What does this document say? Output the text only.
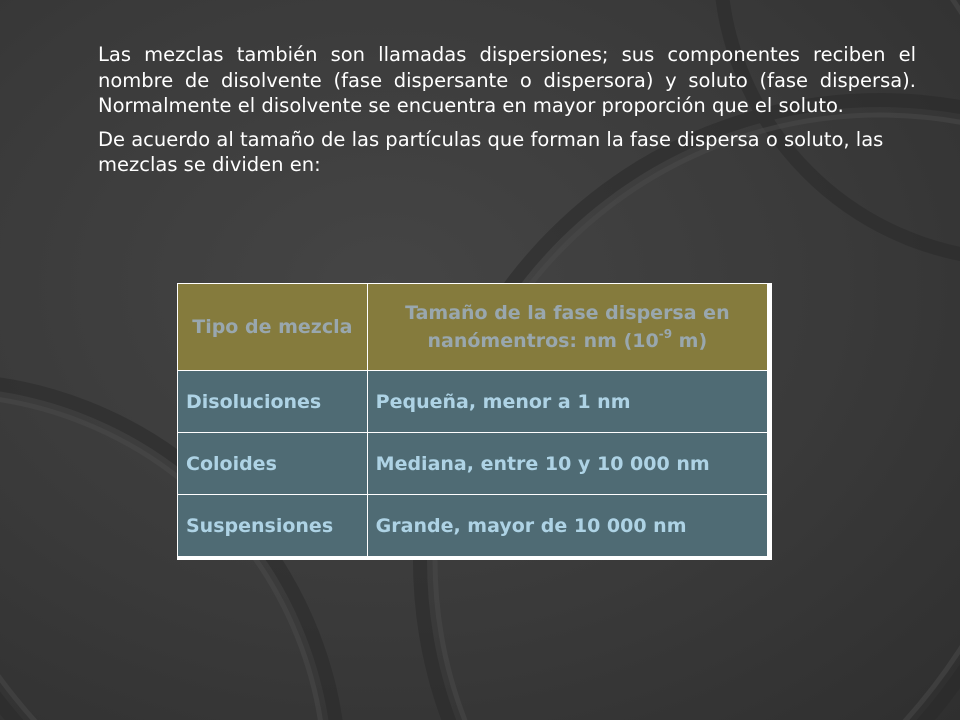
Las mezclas también son llamadas dispersiones; sus componentes reciben el nombre de disolvente (fase dispersante o dispersora) y soluto (fase dispersa). Normalmente el disolvente se encuentra en mayor proporción que el soluto.

De acuerdo al tamaño de las partículas que forman la fase dispersa o soluto, las mezclas se dividen en:

Tipo de mezcla	Tamaño de la fase dispersa en nanómentros: nm ($10^{-9}$ m)
Disoluciones	Pequeña, menor a 1 nm
Coloides	Mediana, entre 10 y 10 000 nm
Suspensiones	Grande, mayor de 10 000 nm
